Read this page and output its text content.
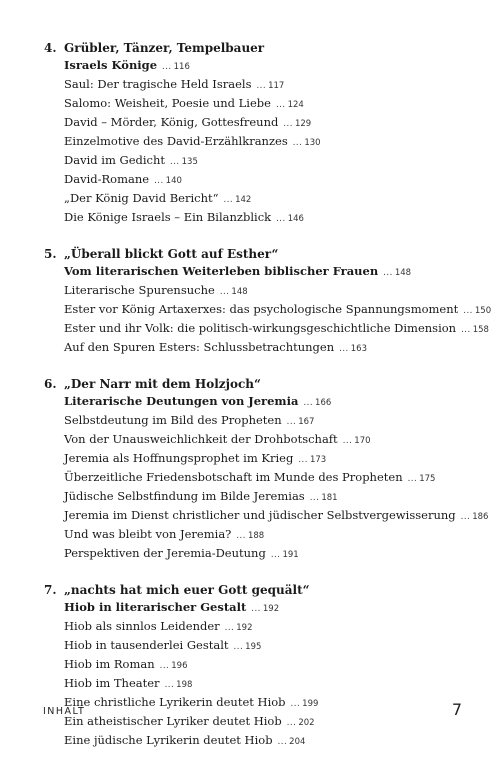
4. Grübler, Tänzer, Tempelbauer
Israels Könige ... 116
Saul: Der tragische Held Israels ... 117
Salomo: Weisheit, Poesie und Liebe ... 124
David – Mörder, König, Gottesfreund ... 129
Einzelmotive des David-Erzählkranzes ... 130
David im Gedicht ... 135
David-Romane ... 140
„Der König David Bericht“ ... 142
Die Könige Israels – Ein Bilanzblick ... 146
5. „Überall blickt Gott auf Esther“
Vom literarischen Weiterleben biblischer Frauen ... 148
Literarische Spurensuche ... 148
Ester vor König Artaxerxes: das psychologische Spannungsmoment ... 150
Ester und ihr Volk: die politisch-wirkungsgeschichtliche Dimension ... 158
Auf den Spuren Esters: Schlussbetrachtungen ... 163
6. „Der Narr mit dem Holzjoch“
Literarische Deutungen von Jeremia ... 166
Selbstdeutung im Bild des Propheten ... 167
Von der Unausweichlichkeit der Drohbotschaft ... 170
Jeremia als Hoffnungsprophet im Krieg ... 173
Überzeitliche Friedensbotschaft im Munde des Propheten ... 175
Jüdische Selbstfindung im Bilde Jeremias ... 181
Jeremia im Dienst christlicher und jüdischer Selbstvergewisserung ... 186
Und was bleibt von Jeremia? ... 188
Perspektiven der Jeremia-Deutung ... 191
7. „nachts hat mich euer Gott gequält“
Hiob in literarischer Gestalt ... 192
Hiob als sinnlos Leidender ... 192
Hiob in tausenderlei Gestalt ... 195
Hiob im Roman ... 196
Hiob im Theater ... 198
Eine christliche Lyrikerin deutet Hiob ... 199
Ein atheistischer Lyriker deutet Hiob ... 202
Eine jüdische Lyrikerin deutet Hiob ... 204
INHALT	7
